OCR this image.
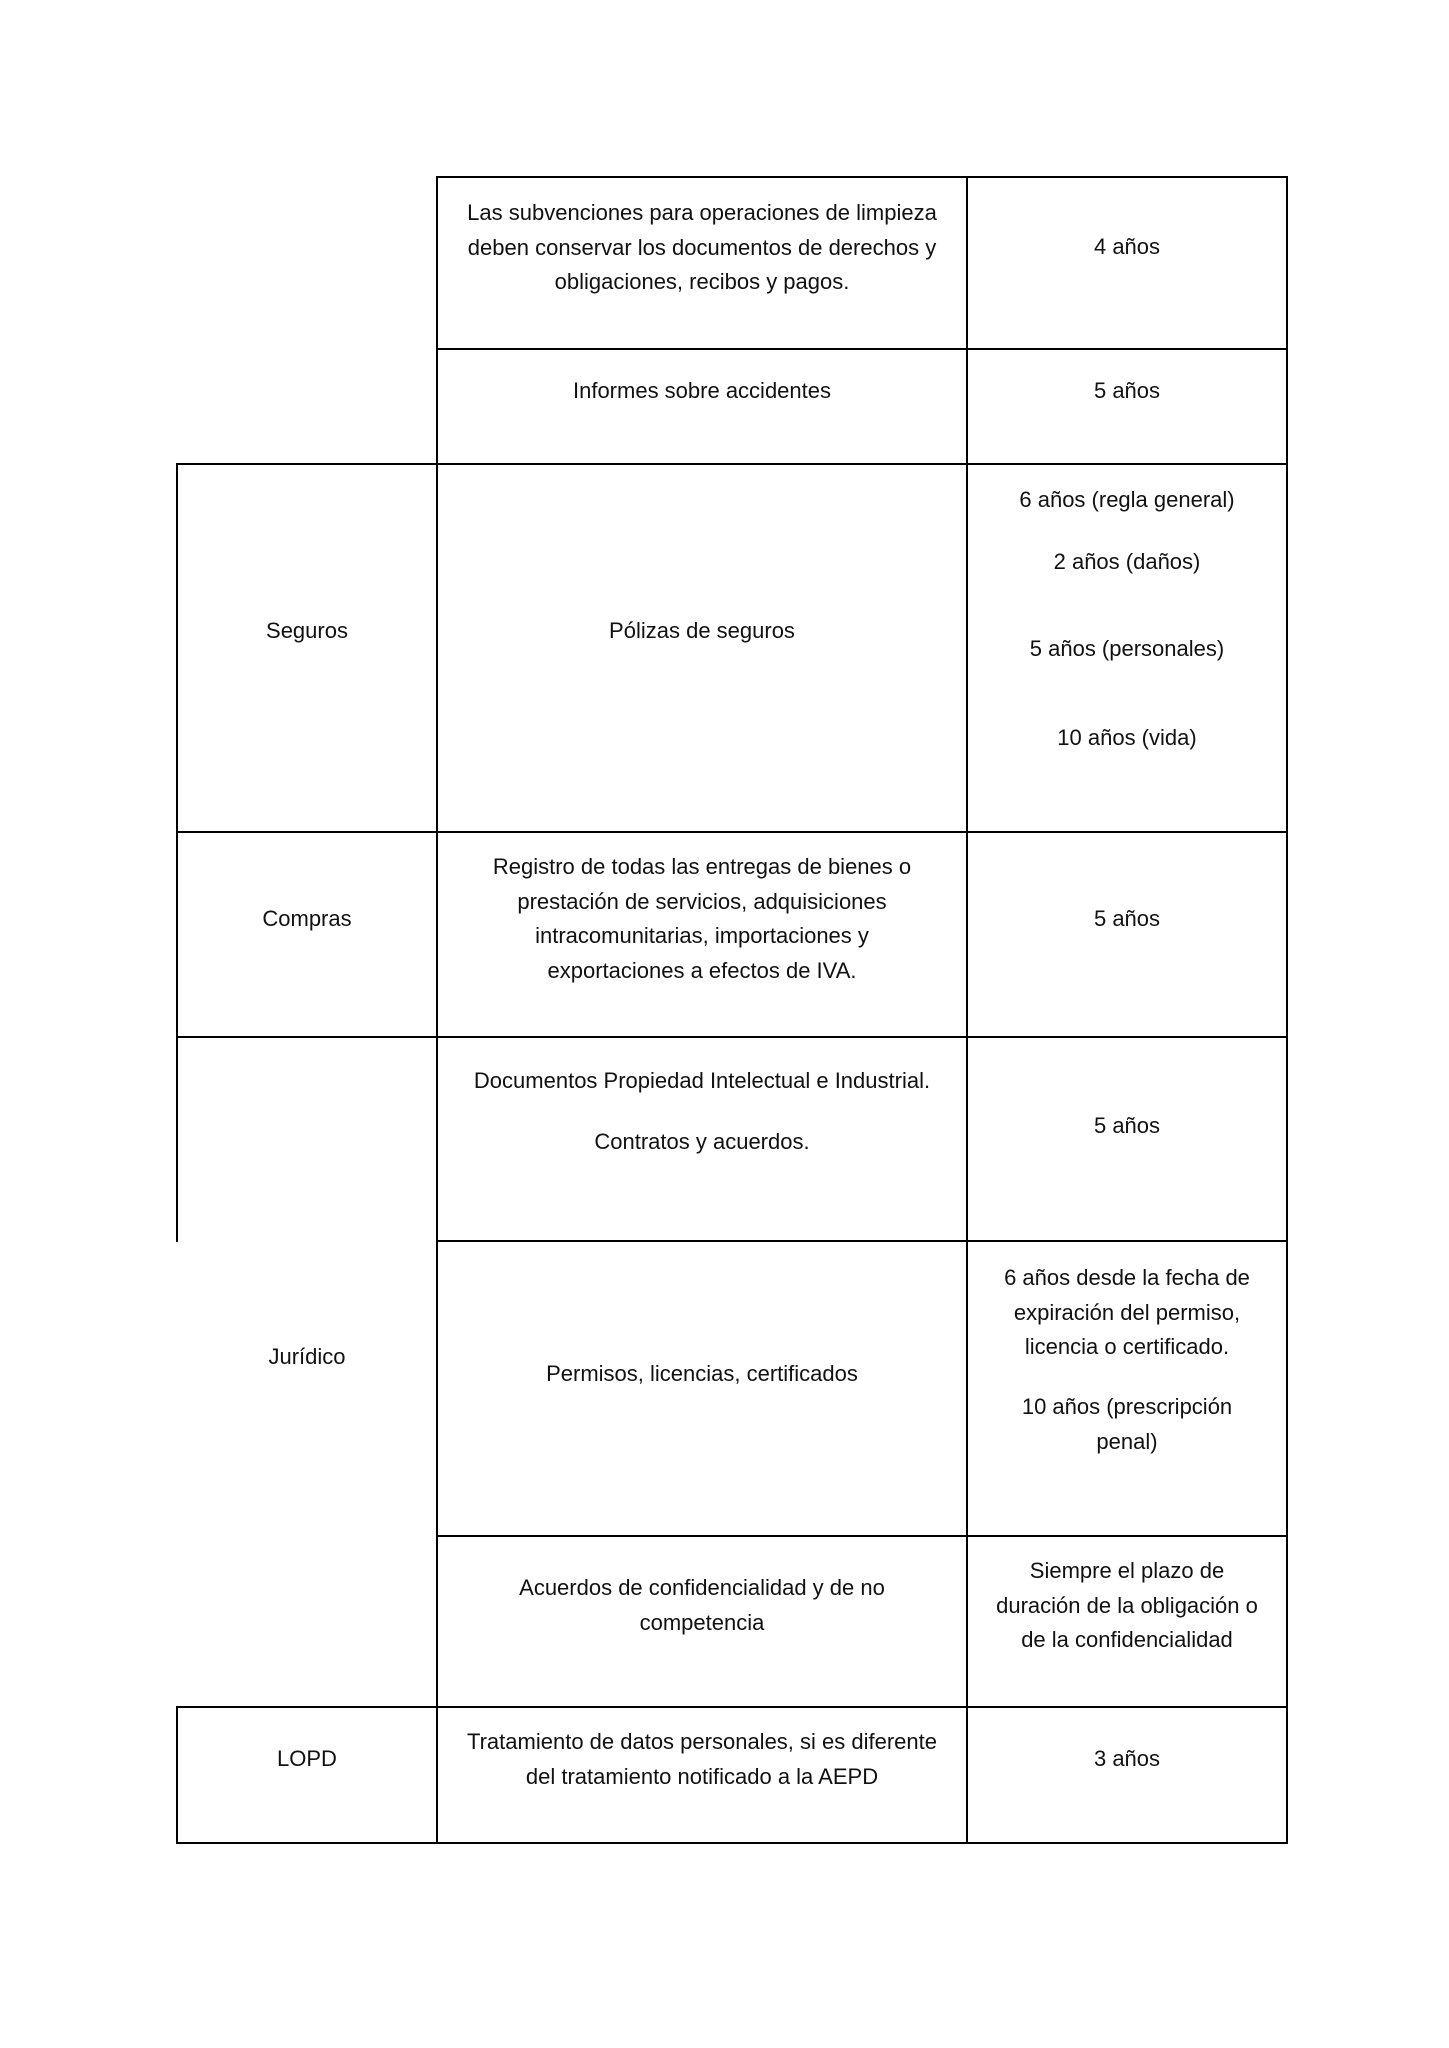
Las subvenciones para operaciones de limpieza
deben conservar los documentos de derechos y
obligaciones, recibos y pagos.

4 años

Informes sobre accidentes	5 años

Seguros	Pólizas de seguros

6 años (regla general)

2 años (daños)

5 años (personales)

10 años (vida)

Compras

Registro de todas las entregas de bienes o
prestación de servicios, adquisiciones
intracomunitarias, importaciones y
exportaciones a efectos de IVA.

5 años

Jurídico

Documentos Propiedad Intelectual e Industrial.

Contratos y acuerdos.

5 años

Permisos, licencias, certificados

6 años desde la fecha de
expiración del permiso,
licencia o certificado.

10 años (prescripción
penal)

Acuerdos de confidencialidad y de no
competencia

Siempre el plazo de
duración de la obligación o
de la confidencialidad

LOPD

Tratamiento de datos personales, si es diferente
del tratamiento notificado a la AEPD

3 años
